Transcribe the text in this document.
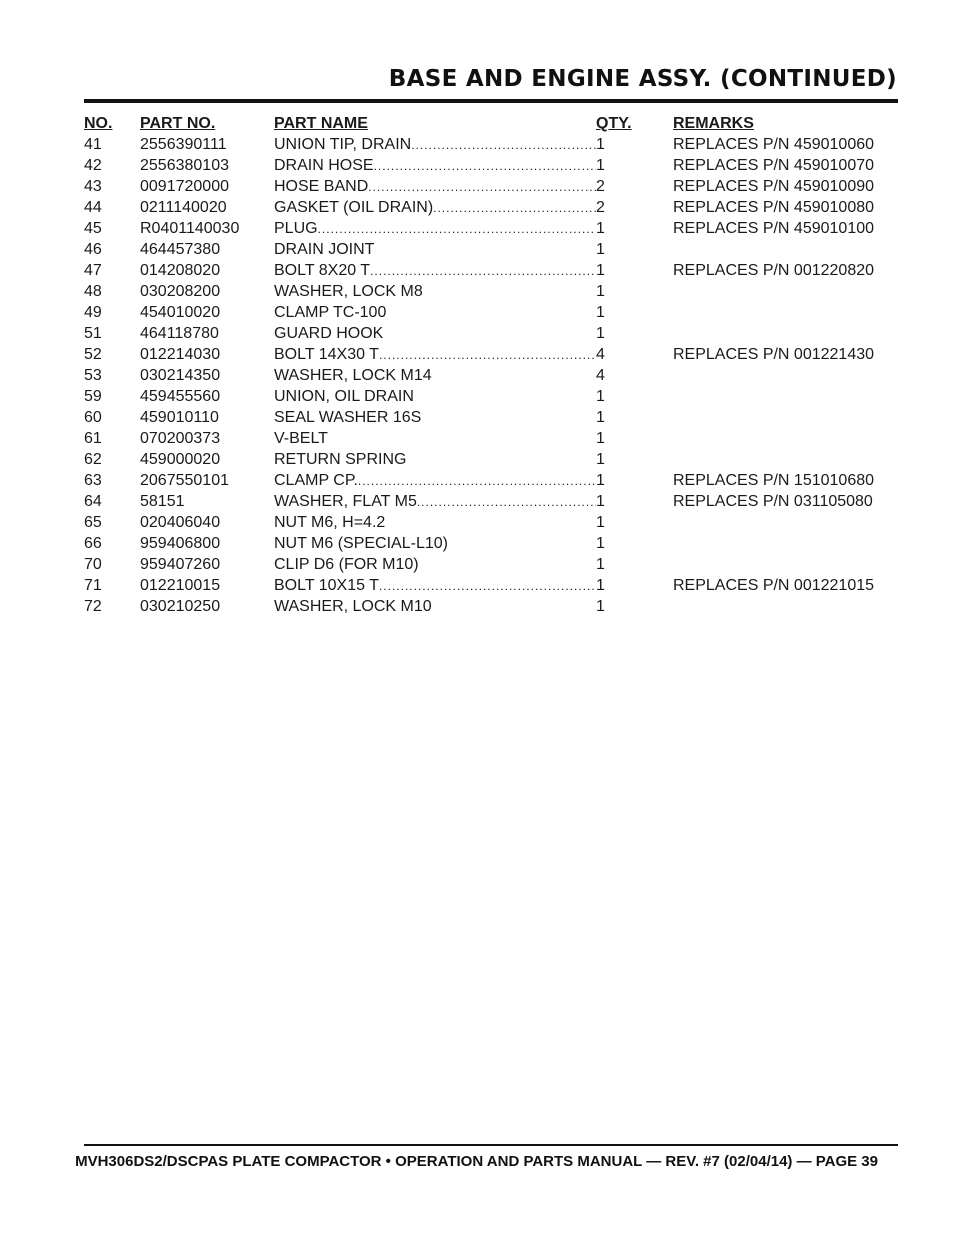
BASE AND ENGINE ASSY. (CONTINUED)
NO.	PART NO.	PART NAME	QTY.	REMARKS
41	2556390111	UNION TIP, DRAIN .....	1	REPLACES P/N 459010060
42	2556380103	DRAIN HOSE .....	1	REPLACES P/N 459010070
43	0091720000	HOSE BAND .....	2	REPLACES P/N 459010090
44	0211140020	GASKET (OIL DRAIN) .....	2	REPLACES P/N 459010080
45	R0401140030	PLUG .....	1	REPLACES P/N 459010100
46	464457380	DRAIN JOINT	1
47	014208020	BOLT 8X20 T .....	1	REPLACES P/N 001220820
48	030208200	WASHER, LOCK M8	1
49	454010020	CLAMP TC-100	1
51	464118780	GUARD HOOK	1
52	012214030	BOLT 14X30 T .....	4	REPLACES P/N 001221430
53	030214350	WASHER, LOCK M14	4
59	459455560	UNION, OIL DRAIN	1
60	459010110	SEAL WASHER 16S	1
61	070200373	V-BELT	1
62	459000020	RETURN SPRING	1
63	2067550101	CLAMP CP. .....	1	REPLACES P/N 151010680
64	58151	WASHER, FLAT M5 .....	1	REPLACES P/N 031105080
65	020406040	NUT M6, H=4.2	1
66	959406800	NUT M6 (SPECIAL-L10)	1
70	959407260	CLIP D6 (FOR M10)	1
71	012210015	BOLT 10X15 T .....	1	REPLACES P/N 001221015
72	030210250	WASHER, LOCK M10	1
MVH306DS2/DSCPAS PLATE COMPACTOR • OPERATION AND PARTS MANUAL — REV. #7 (02/04/14) — PAGE 39
